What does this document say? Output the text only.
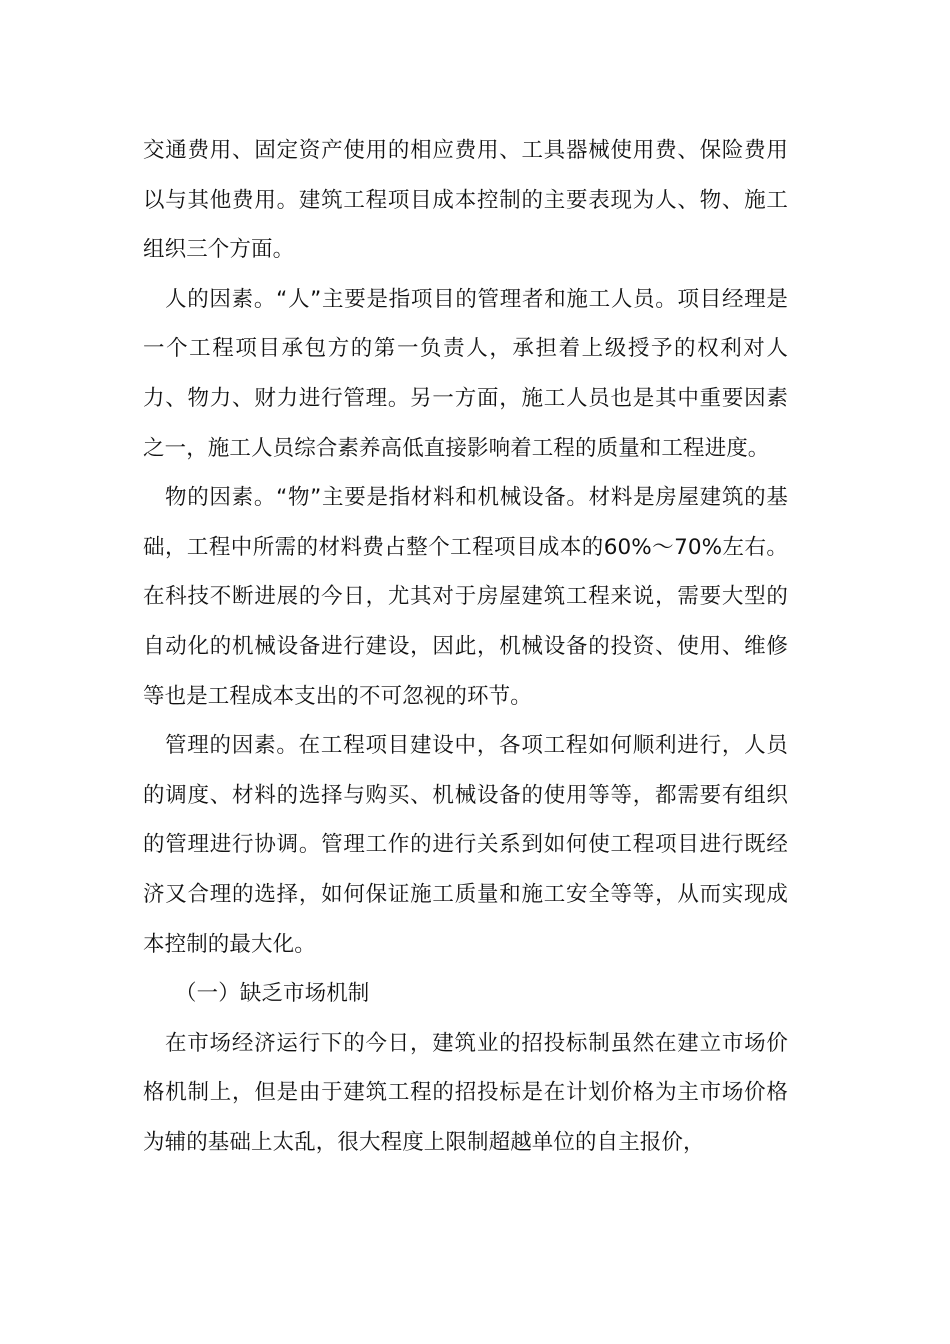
交通费用、固定资产使用的相应费用、工具器械使用费、保险费用以与其他费用。建筑工程项目成本控制的主要表现为人、物、施工组织三个方面。

人的因素。“人”主要是指项目的管理者和施工人员。项目经理是一个工程项目承包方的第一负责人，承担着上级授予的权利对人力、物力、财力进行管理。另一方面，施工人员也是其中重要因素之一，施工人员综合素养高低直接影响着工程的质量和工程进度。

物的因素。“物”主要是指材料和机械设备。材料是房屋建筑的基础，工程中所需的材料费占整个工程项目成本的60%～70%左右。在科技不断进展的今日，尤其对于房屋建筑工程来说，需要大型的自动化的机械设备进行建设，因此，机械设备的投资、使用、维修等也是工程成本支出的不可忽视的环节。

管理的因素。在工程项目建设中，各项工程如何顺利进行，人员的调度、材料的选择与购买、机械设备的使用等等，都需要有组织的管理进行协调。管理工作的进行关系到如何使工程项目进行既经济又合理的选择，如何保证施工质量和施工安全等等，从而实现成本控制的最大化。

（一）缺乏市场机制

在市场经济运行下的今日，建筑业的招投标制虽然在建立市场价格机制上，但是由于建筑工程的招投标是在计划价格为主市场价格为辅的基础上太乱，很大程度上限制超越单位的自主报价，
